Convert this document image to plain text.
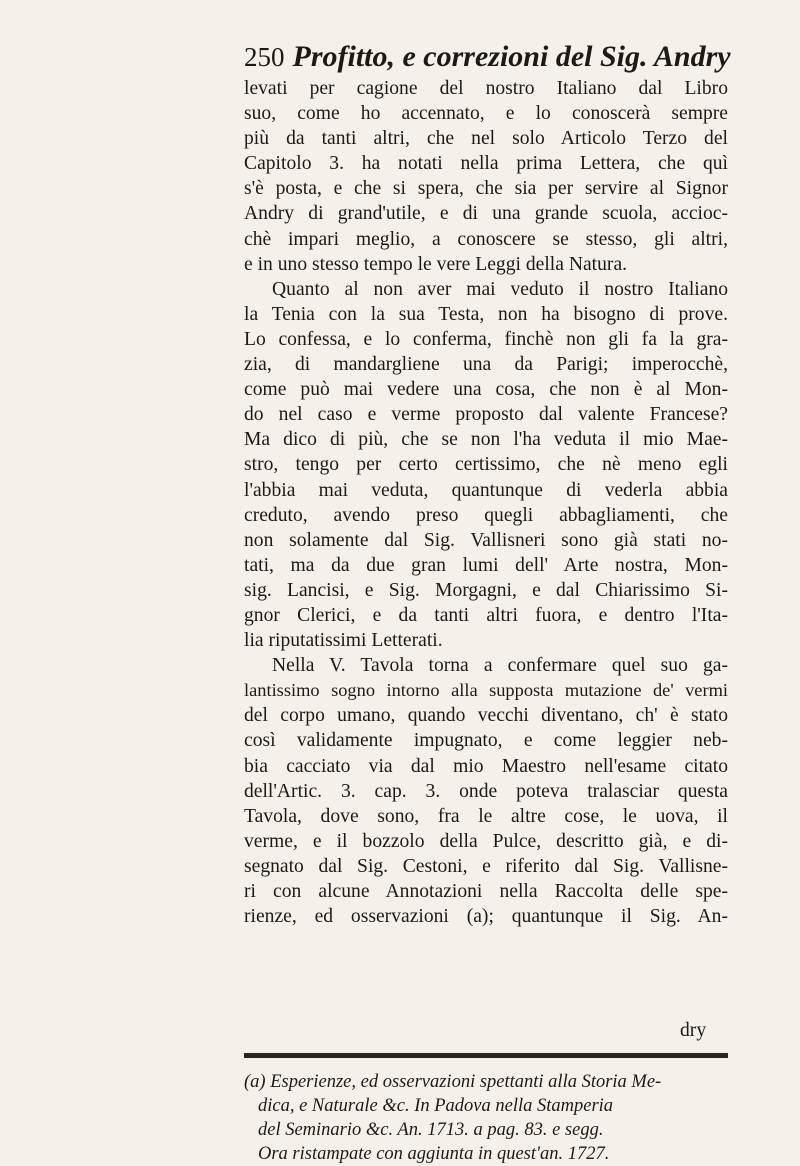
250 Profitto, e correzioni del Sig. Andry
levati per cagione del nostro Italiano dal Libro
suo, come ho accennato, e lo conoscerà sempre
più da tanti altri, che nel solo Articolo Terzo del
Capitolo 3. ha notati nella prima Lettera, che quì
s'è posta, e che si spera, che sia per servire al Signor
Andry di grand'utile, e di una grande scuola, accioc-
chè impari meglio, a conoscere se stesso, gli altri,
e in uno stesso tempo le vere Leggi della Natura.
Quanto al non aver mai veduto il nostro Italiano
la Tenia con la sua Testa, non ha bisogno di prove.
Lo confessa, e lo conferma, finchè non gli fa la gra-
zia, di mandargliene una da Parigi; imperocchè,
come può mai vedere una cosa, che non è al Mon-
do nel caso e verme proposto dal valente Francese?
Ma dico di più, che se non l'ha veduta il mio Mae-
stro, tengo per certo certissimo, che nè meno egli
l'abbia mai veduta, quantunque di vederla abbia
creduto, avendo preso quegli abbagliamenti, che
non solamente dal Sig. Vallisneri sono già stati no-
tati, ma da due gran lumi dell' Arte nostra, Mon-
sig. Lancisi, e Sig. Morgagni, e dal Chiarissimo Si-
gnor Clerici, e da tanti altri fuora, e dentro l'Ita-
lia riputatissimi Letterati.
Nella V. Tavola torna a confermare quel suo ga-
lantissimo sogno intorno alla supposta mutazione de' vermi
del corpo umano, quando vecchi diventano, ch' è stato
così validamente impugnato, e come leggier neb-
bia cacciato via dal mio Maestro nell'esame citato
dell'Artic. 3. cap. 3. onde poteva tralasciar questa
Tavola, dove sono, fra le altre cose, le uova, il
verme, e il bozzolo della Pulce, descritto già, e di-
segnato dal Sig. Cestoni, e riferito dal Sig. Vallisne-
ri con alcune Annotazioni nella Raccolta delle spe-
rienze, ed osservazioni (a); quantunque il Sig. An-
dry
(a) Esperienze, ed osservazioni spettanti alla Storia Me-
dica, e Naturale &c. In Padova nella Stamperia
del Seminario &c. An. 1713. a pag. 83. e segg.
Ora ristampate con aggiunta in quest'an. 1727.
